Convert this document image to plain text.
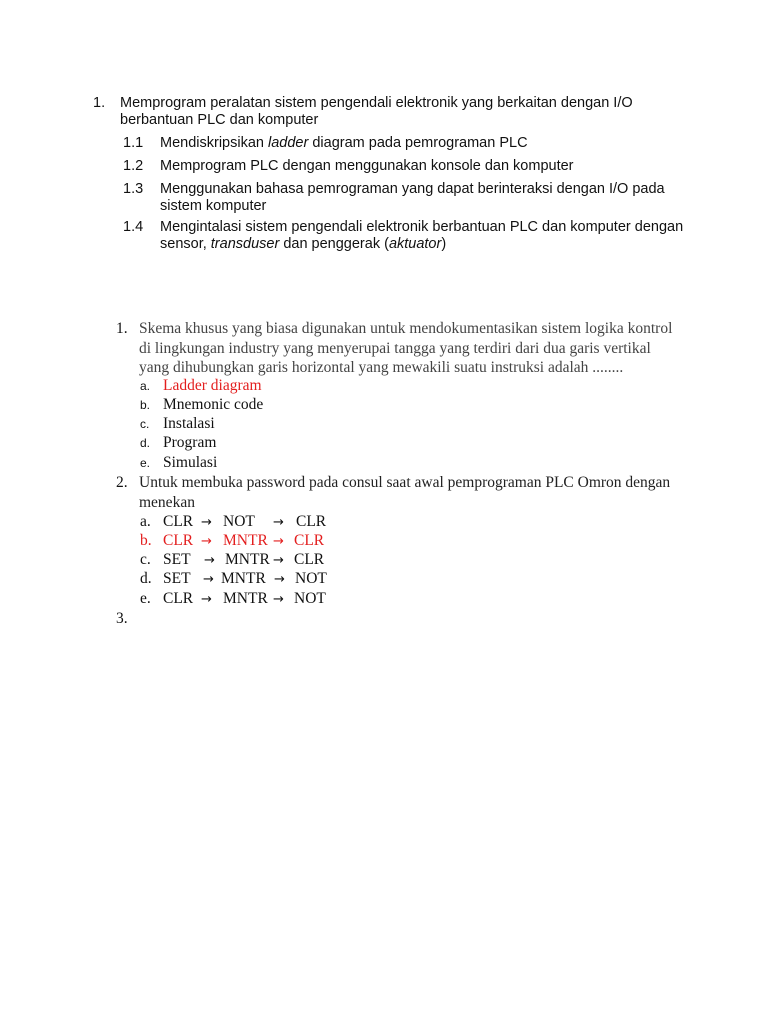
1. Memprogram peralatan sistem pengendali elektronik yang berkaitan dengan I/O berbantuan PLC dan komputer
1.1 Mendiskripsikan ladder diagram pada pemrograman PLC
1.2 Memprogram PLC dengan menggunakan konsole dan komputer
1.3 Menggunakan bahasa pemrograman yang dapat berinteraksi dengan I/O pada sistem komputer
1.4 Mengintalasi sistem pengendali elektronik berbantuan PLC dan komputer dengan sensor, transduser dan penggerak (aktuator)
1. Skema khusus yang biasa digunakan untuk mendokumentasikan sistem logika kontrol di lingkungan industry yang menyerupai tangga yang terdiri dari dua garis vertikal yang dihubungkan garis horizontal yang mewakili suatu instruksi adalah ........
a. Ladder diagram
b. Mnemonic code
c. Instalasi
d. Program
e. Simulasi
2. Untuk membuka password pada consul saat awal pemprograman PLC Omron dengan menekan
a. CLR → NOT → CLR
b. CLR → MNTR → CLR
c. SET → MNTR → CLR
d. SET → MNTR → NOT
e. CLR → MNTR → NOT
3.
